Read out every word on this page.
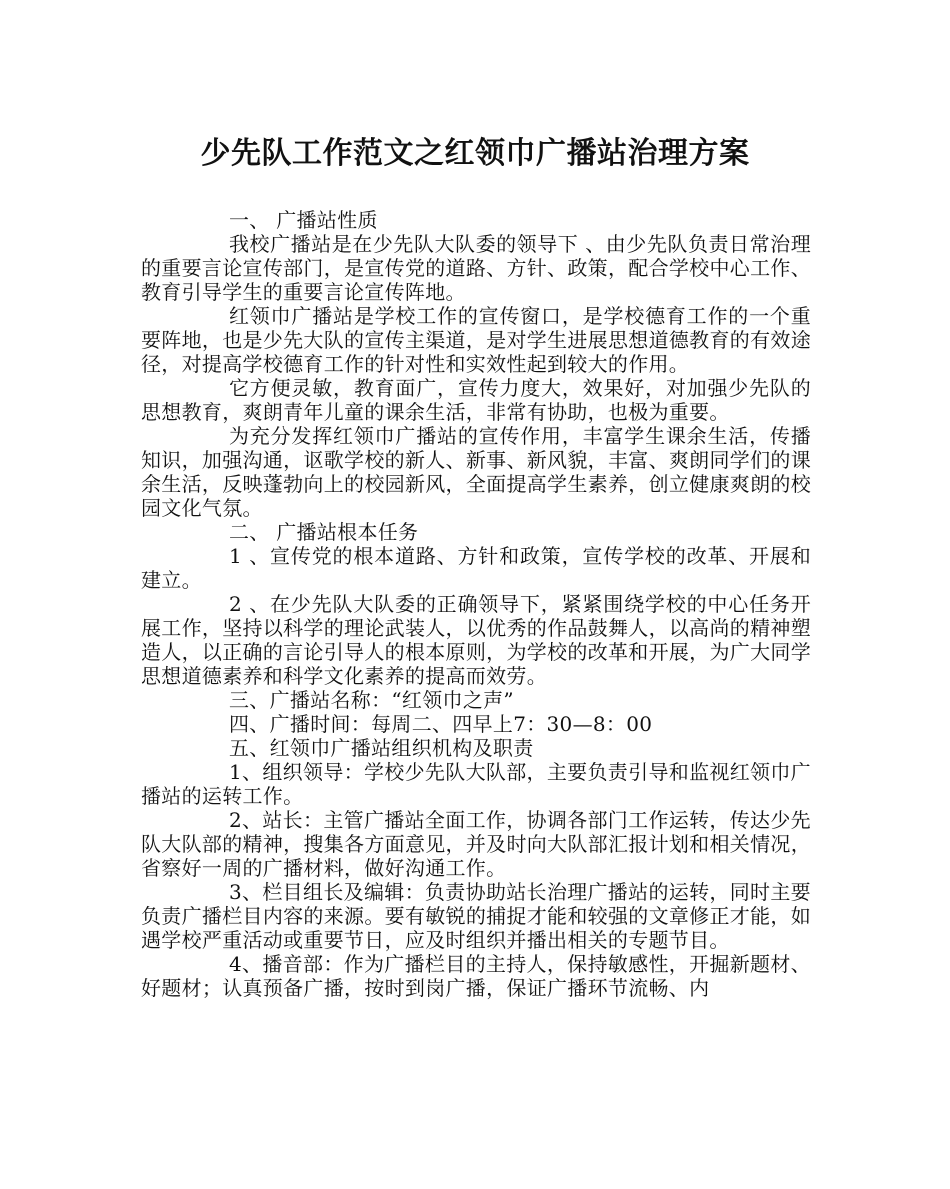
少先队工作范文之红领巾广播站治理方案

一、 广播站性质

我校广播站是在少先队大队委的领导下 、由少先队负责日常治理的重要言论宣传部门，是宣传党的道路、方针、政策，配合学校中心工作、教育引导学生的重要言论宣传阵地。

红领巾广播站是学校工作的宣传窗口，是学校德育工作的一个重要阵地，也是少先大队的宣传主渠道，是对学生进展思想道德教育的有效途径，对提高学校德育工作的针对性和实效性起到较大的作用。

它方便灵敏，教育面广，宣传力度大，效果好，对加强少先队的思想教育，爽朗青年儿童的课余生活，非常有协助，也极为重要。

为充分发挥红领巾广播站的宣传作用，丰富学生课余生活，传播知识，加强沟通，讴歌学校的新人、新事、新风貌，丰富、爽朗同学们的课余生活，反映蓬勃向上的校园新风，全面提高学生素养，创立健康爽朗的校园文化气氛。

二、 广播站根本任务

1 、宣传党的根本道路、方针和政策，宣传学校的改革、开展和建立。

2 、在少先队大队委的正确领导下，紧紧围绕学校的中心任务开展工作，坚持以科学的理论武装人，以优秀的作品鼓舞人，以高尚的精神塑造人，以正确的言论引导人的根本原则，为学校的改革和开展，为广大同学思想道德素养和科学文化素养的提高而效劳。

三、广播站名称：“红领巾之声”

四、广播时间：每周二、四早上7：30—8：00

五、红领巾广播站组织机构及职责

1、组织领导：学校少先队大队部，主要负责引导和监视红领巾广播站的运转工作。

2、站长：主管广播站全面工作，协调各部门工作运转，传达少先队大队部的精神，搜集各方面意见，并及时向大队部汇报计划和相关情况，省察好一周的广播材料，做好沟通工作。

3、栏目组长及编辑：负责协助站长治理广播站的运转，同时主要负责广播栏目内容的来源。要有敏锐的捕捉才能和较强的文章修正才能，如遇学校严重活动或重要节日，应及时组织并播出相关的专题节目。

4、播音部：作为广播栏目的主持人，保持敏感性，开掘新题材、好题材；认真预备广播，按时到岗广播，保证广播环节流畅、内
